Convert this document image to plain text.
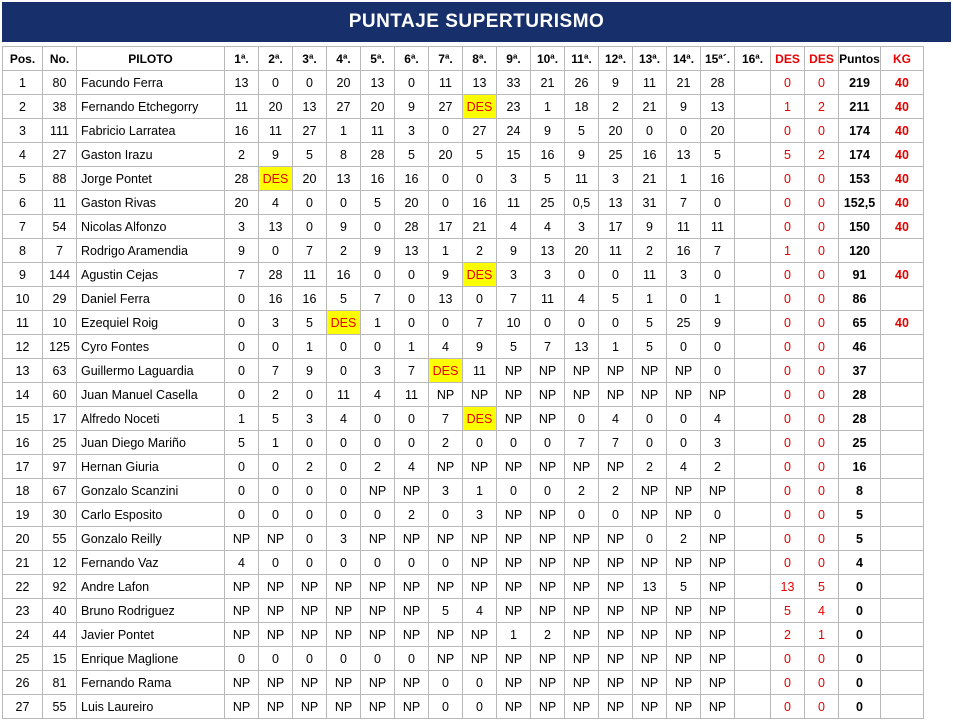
PUNTAJE SUPERTURISMO
Pos.	No.	PILOTO	1ª.	2ª.	3ª.	4ª.	5ª.	6ª.	7ª.	8ª.	9ª.	10ª.	11ª.	12ª.	13ª.	14ª.	15ª´.	16ª.	DES	DES	Puntos	KG
1	80	Facundo Ferra	13	0	0	20	13	0	11	13	33	21	26	9	11	21	28		0	0	219	40
2	38	Fernando Etchegorry	11	20	13	27	20	9	27	DES	23	1	18	2	21	9	13		1	2	211	40
3	111	Fabricio Larratea	16	11	27	1	11	3	0	27	24	9	5	20	0	0	20		0	0	174	40
4	27	Gaston Irazu	2	9	5	8	28	5	20	5	15	16	9	25	16	13	5		5	2	174	40
5	88	Jorge Pontet	28	DES	20	13	16	16	0	0	3	5	11	3	21	1	16		0	0	153	40
6	11	Gaston Rivas	20	4	0	0	5	20	0	16	11	25	0,5	13	31	7	0		0	0	152,5	40
7	54	Nicolas Alfonzo	3	13	0	9	0	28	17	21	4	4	3	17	9	11	11		0	0	150	40
8	7	Rodrigo Aramendia	9	0	7	2	9	13	1	2	9	13	20	11	2	16	7		1	0	120	
9	144	Agustin Cejas	7	28	11	16	0	0	9	DES	3	3	0	0	11	3	0		0	0	91	40
10	29	Daniel Ferra	0	16	16	5	7	0	13	0	7	11	4	5	1	0	1		0	0	86	
11	10	Ezequiel Roig	0	3	5	DES	1	0	0	7	10	0	0	0	5	25	9		0	0	65	40
12	125	Cyro Fontes	0	0	1	0	0	1	4	9	5	7	13	1	5	0	0		0	0	46	
13	63	Guillermo Laguardia	0	7	9	0	3	7	DES	11	NP	NP	NP	NP	NP	NP	0		0	0	37	
14	60	Juan Manuel Casella	0	2	0	11	4	11	NP	NP	NP	NP	NP	NP	NP	NP	NP		0	0	28	
15	17	Alfredo Noceti	1	5	3	4	0	0	7	DES	NP	NP	0	4	0	0	4		0	0	28	
16	25	Juan Diego Mariño	5	1	0	0	0	0	2	0	0	0	7	7	0	0	3		0	0	25	
17	97	Hernan Giuria	0	0	2	0	2	4	NP	NP	NP	NP	NP	NP	2	4	2		0	0	16	
18	67	Gonzalo Scanzini	0	0	0	0	NP	NP	3	1	0	0	2	2	NP	NP	NP		0	0	8	
19	30	Carlo Esposito	0	0	0	0	0	2	0	3	NP	NP	0	0	NP	NP	0		0	0	5	
20	55	Gonzalo Reilly	NP	NP	0	3	NP	NP	NP	NP	NP	NP	NP	NP	0	2	NP		0	0	5	
21	12	Fernando Vaz	4	0	0	0	0	0	0	NP	NP	NP	NP	NP	NP	NP	NP		0	0	4	
22	92	Andre Lafon	NP	NP	NP	NP	NP	NP	NP	NP	NP	NP	NP	NP	13	5	NP		13	5	0	
23	40	Bruno Rodriguez	NP	NP	NP	NP	NP	NP	5	4	NP	NP	NP	NP	NP	NP	NP		5	4	0	
24	44	Javier Pontet	NP	NP	NP	NP	NP	NP	NP	NP	1	2	NP	NP	NP	NP	NP		2	1	0	
25	15	Enrique Maglione	0	0	0	0	0	0	NP	NP	NP	NP	NP	NP	NP	NP	NP		0	0	0	
26	81	Fernando Rama	NP	NP	NP	NP	NP	NP	0	0	NP	NP	NP	NP	NP	NP	NP		0	0	0	
27	55	Luis Laureiro	NP	NP	NP	NP	NP	NP	0	0	NP	NP	NP	NP	NP	NP	NP		0	0	0	
